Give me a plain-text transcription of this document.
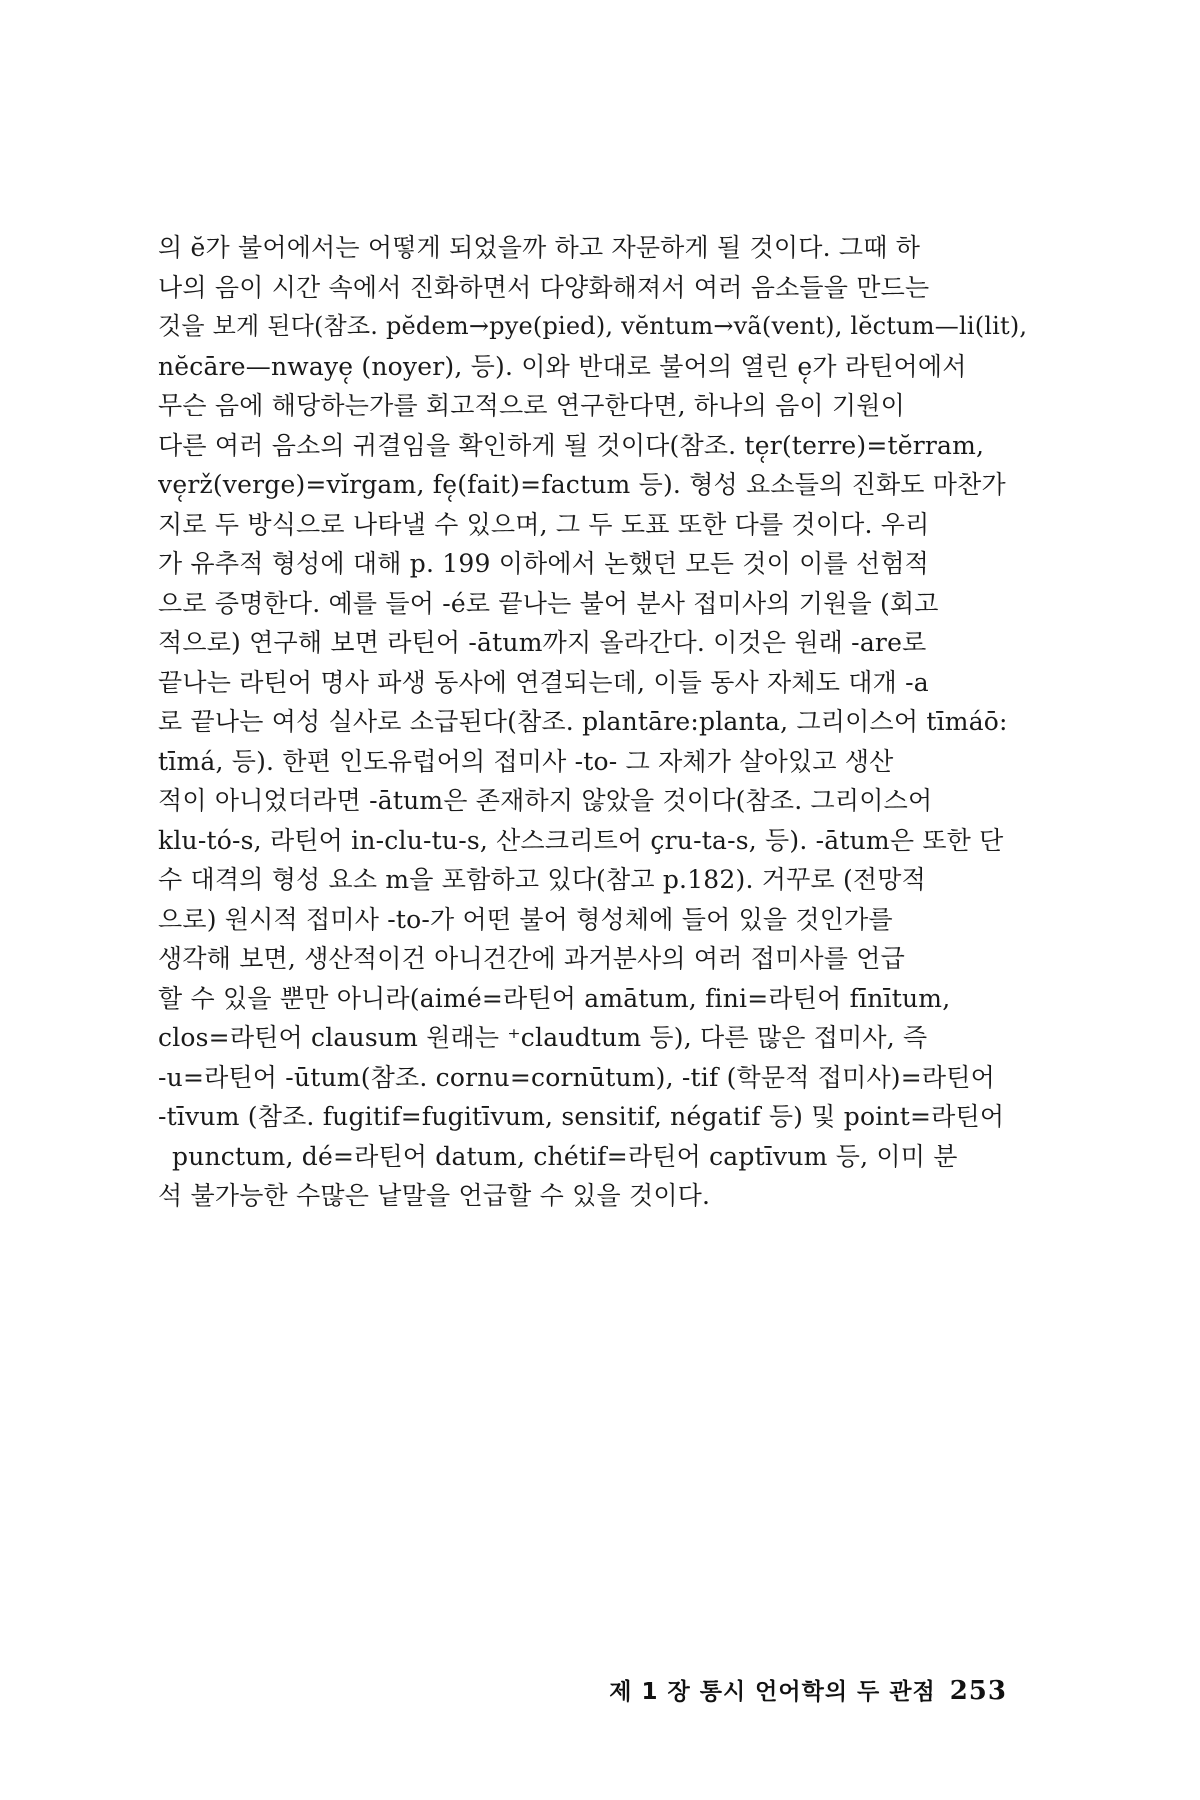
의 ĕ가 불어에서는 어떻게 되었을까 하고 자문하게 될 것이다. 그때 하
나의 음이 시간 속에서 진화하면서 다양화해져서 여러 음소들을 만드는
것을 보게 된다(참조. pĕdem→pye(pied), vĕntum→vã(vent), lĕctum—li(lit),
nĕcāre—nwaye̜ (noyer), 등). 이와 반대로 불어의 열린 e̜가 라틴어에서
무슨 음에 해당하는가를 회고적으로 연구한다면, 하나의 음이 기원이
다른 여러 음소의 귀결임을 확인하게 될 것이다(참조. te̜r(terre)=tĕrram,
ve̜rž(verge)=vĭrgam, fe̜(fait)=factum 등). 형성 요소들의 진화도 마찬가
지로 두 방식으로 나타낼 수 있으며, 그 두 도표 또한 다를 것이다. 우리
가 유추적 형성에 대해 p. 199 이하에서 논했던 모든 것이 이를 선험적
으로 증명한다. 예를 들어 -é로 끝나는 불어 분사 접미사의 기원을 (회고
적으로) 연구해 보면 라틴어 -ātum까지 올라간다. 이것은 원래 -are로
끝나는 라틴어 명사 파생 동사에 연결되는데, 이들 동사 자체도 대개 -a
로 끝나는 여성 실사로 소급된다(참조. plantāre:planta, 그리이스어 tīmáō:
tīmá, 등). 한편 인도유럽어의 접미사 -to- 그 자체가 살아있고 생산
적이 아니었더라면 -ātum은 존재하지 않았을 것이다(참조. 그리이스어
klu-tó-s, 라틴어 in-clu-tu-s, 산스크리트어 çru-ta-s, 등). -ātum은 또한 단
수 대격의 형성 요소 m을 포함하고 있다(참고 p.182). 거꾸로 (전망적
으로) 원시적 접미사 -to-가 어떤 불어 형성체에 들어 있을 것인가를
생각해 보면, 생산적이건 아니건간에 과거분사의 여러 접미사를 언급
할 수 있을 뿐만 아니라(aimé=라틴어 amātum, fini=라틴어 fīnītum,
clos=라틴어 clausum 원래는 ⁺claudtum 등), 다른 많은 접미사, 즉
-u=라틴어 -ūtum(참조. cornu=cornūtum), -tif (학문적 접미사)=라틴어
-tīvum (참조. fugitif=fugitīvum, sensitif, négatif 등) 및 point=라틴어
punctum, dé=라틴어 datum, chétif=라틴어 captīvum 등, 이미 분
석 불가능한 수많은 낱말을 언급할 수 있을 것이다.
제 1 장 통시 언어학의 두 관점 253
